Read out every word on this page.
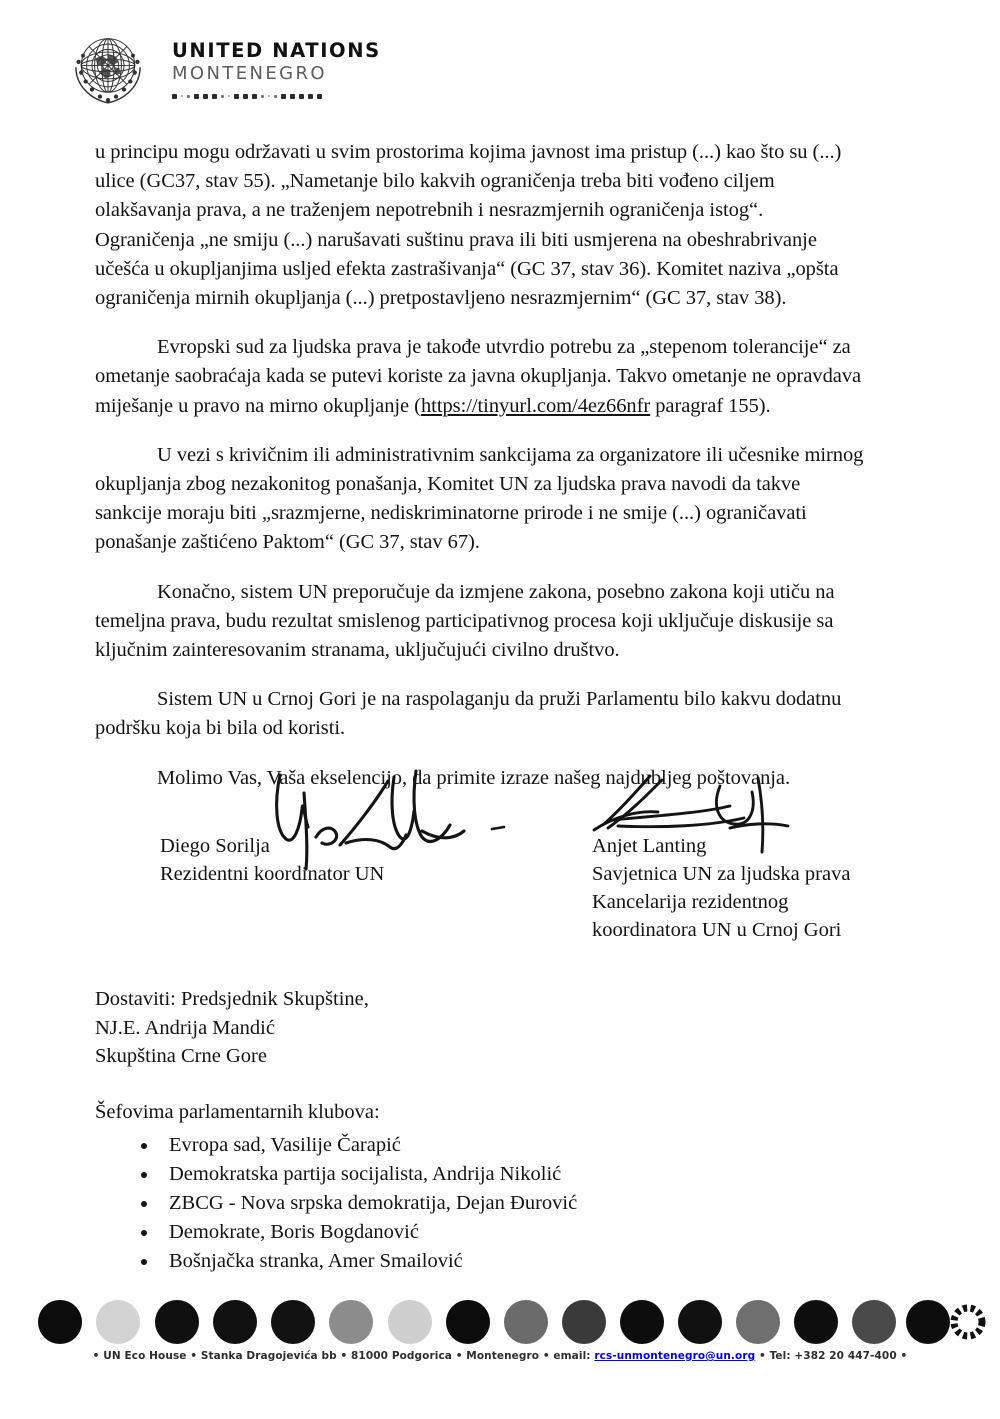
UNITED NATIONS
MONTENEGRO

u principu mogu održavati u svim prostorima kojima javnost ima pristup (...) kao što su (...) ulice (GC37, stav 55). „Nametanje bilo kakvih ograničenja treba biti vođeno ciljem olakšavanja prava, a ne traženjem nepotrebnih i nesrazmjernih ograničenja istog“. Ograničenja „ne smiju (...) narušavati suštinu prava ili biti usmjerena na obeshrabrivanje učešća u okupljanjima usljed efekta zastrašivanja“ (GC 37, stav 36). Komitet naziva „opšta ograničenja mirnih okupljanja (...) pretpostavljeno nesrazmjernim“ (GC 37, stav 38).

Evropski sud za ljudska prava je takođe utvrdio potrebu za „stepenom tolerancije“ za ometanje saobraćaja kada se putevi koriste za javna okupljanja. Takvo ometanje ne opravdava miješanje u pravo na mirno okupljanje (https://tinyurl.com/4ez66nfr paragraf 155).

U vezi s krivičnim ili administrativnim sankcijama za organizatore ili učesnike mirnog okupljanja zbog nezakonitog ponašanja, Komitet UN za ljudska prava navodi da takve sankcije moraju biti „srazmjerne, nediskriminatorne prirode i ne smije (...) ograničavati ponašanje zaštićeno Paktom“ (GC 37, stav 67).

Konačno, sistem UN preporučuje da izmjene zakona, posebno zakona koji utiču na temeljna prava, budu rezultat smislenog participativnog procesa koji uključuje diskusije sa ključnim zainteresovanim stranama, uključujući civilno društvo.

Sistem UN u Crnoj Gori je na raspolaganju da pruži Parlamentu bilo kakvu dodatnu podršku koja bi bila od koristi.

Molimo Vas, Vaša ekselencijo, da primite izraze našeg najdubljeg poštovanja.

Diego Sorilja
Rezidentni koordinator UN
Anjet Lanting
Savjetnica UN za ljudska prava
Kancelarija rezidentnog
koordinatora UN u Crnoj Gori
Dostaviti: Predsjednik Skupštine,
NJ.E. Andrija Mandić
Skupština Crne Gore
Šefovima parlamentarnih klubova:
Evropa sad, Vasilije Čarapić
Demokratska partija socijalista, Andrija Nikolić
ZBCG - Nova srpska demokratija, Dejan Đurović
Demokrate, Boris Bogdanović
Bošnjačka stranka, Amer Smailović
• UN Eco House • Stanka Dragojevića bb • 81000 Podgorica • Montenegro • email: rcs-unmontenegro@un.org • Tel: +382 20 447-400 •
